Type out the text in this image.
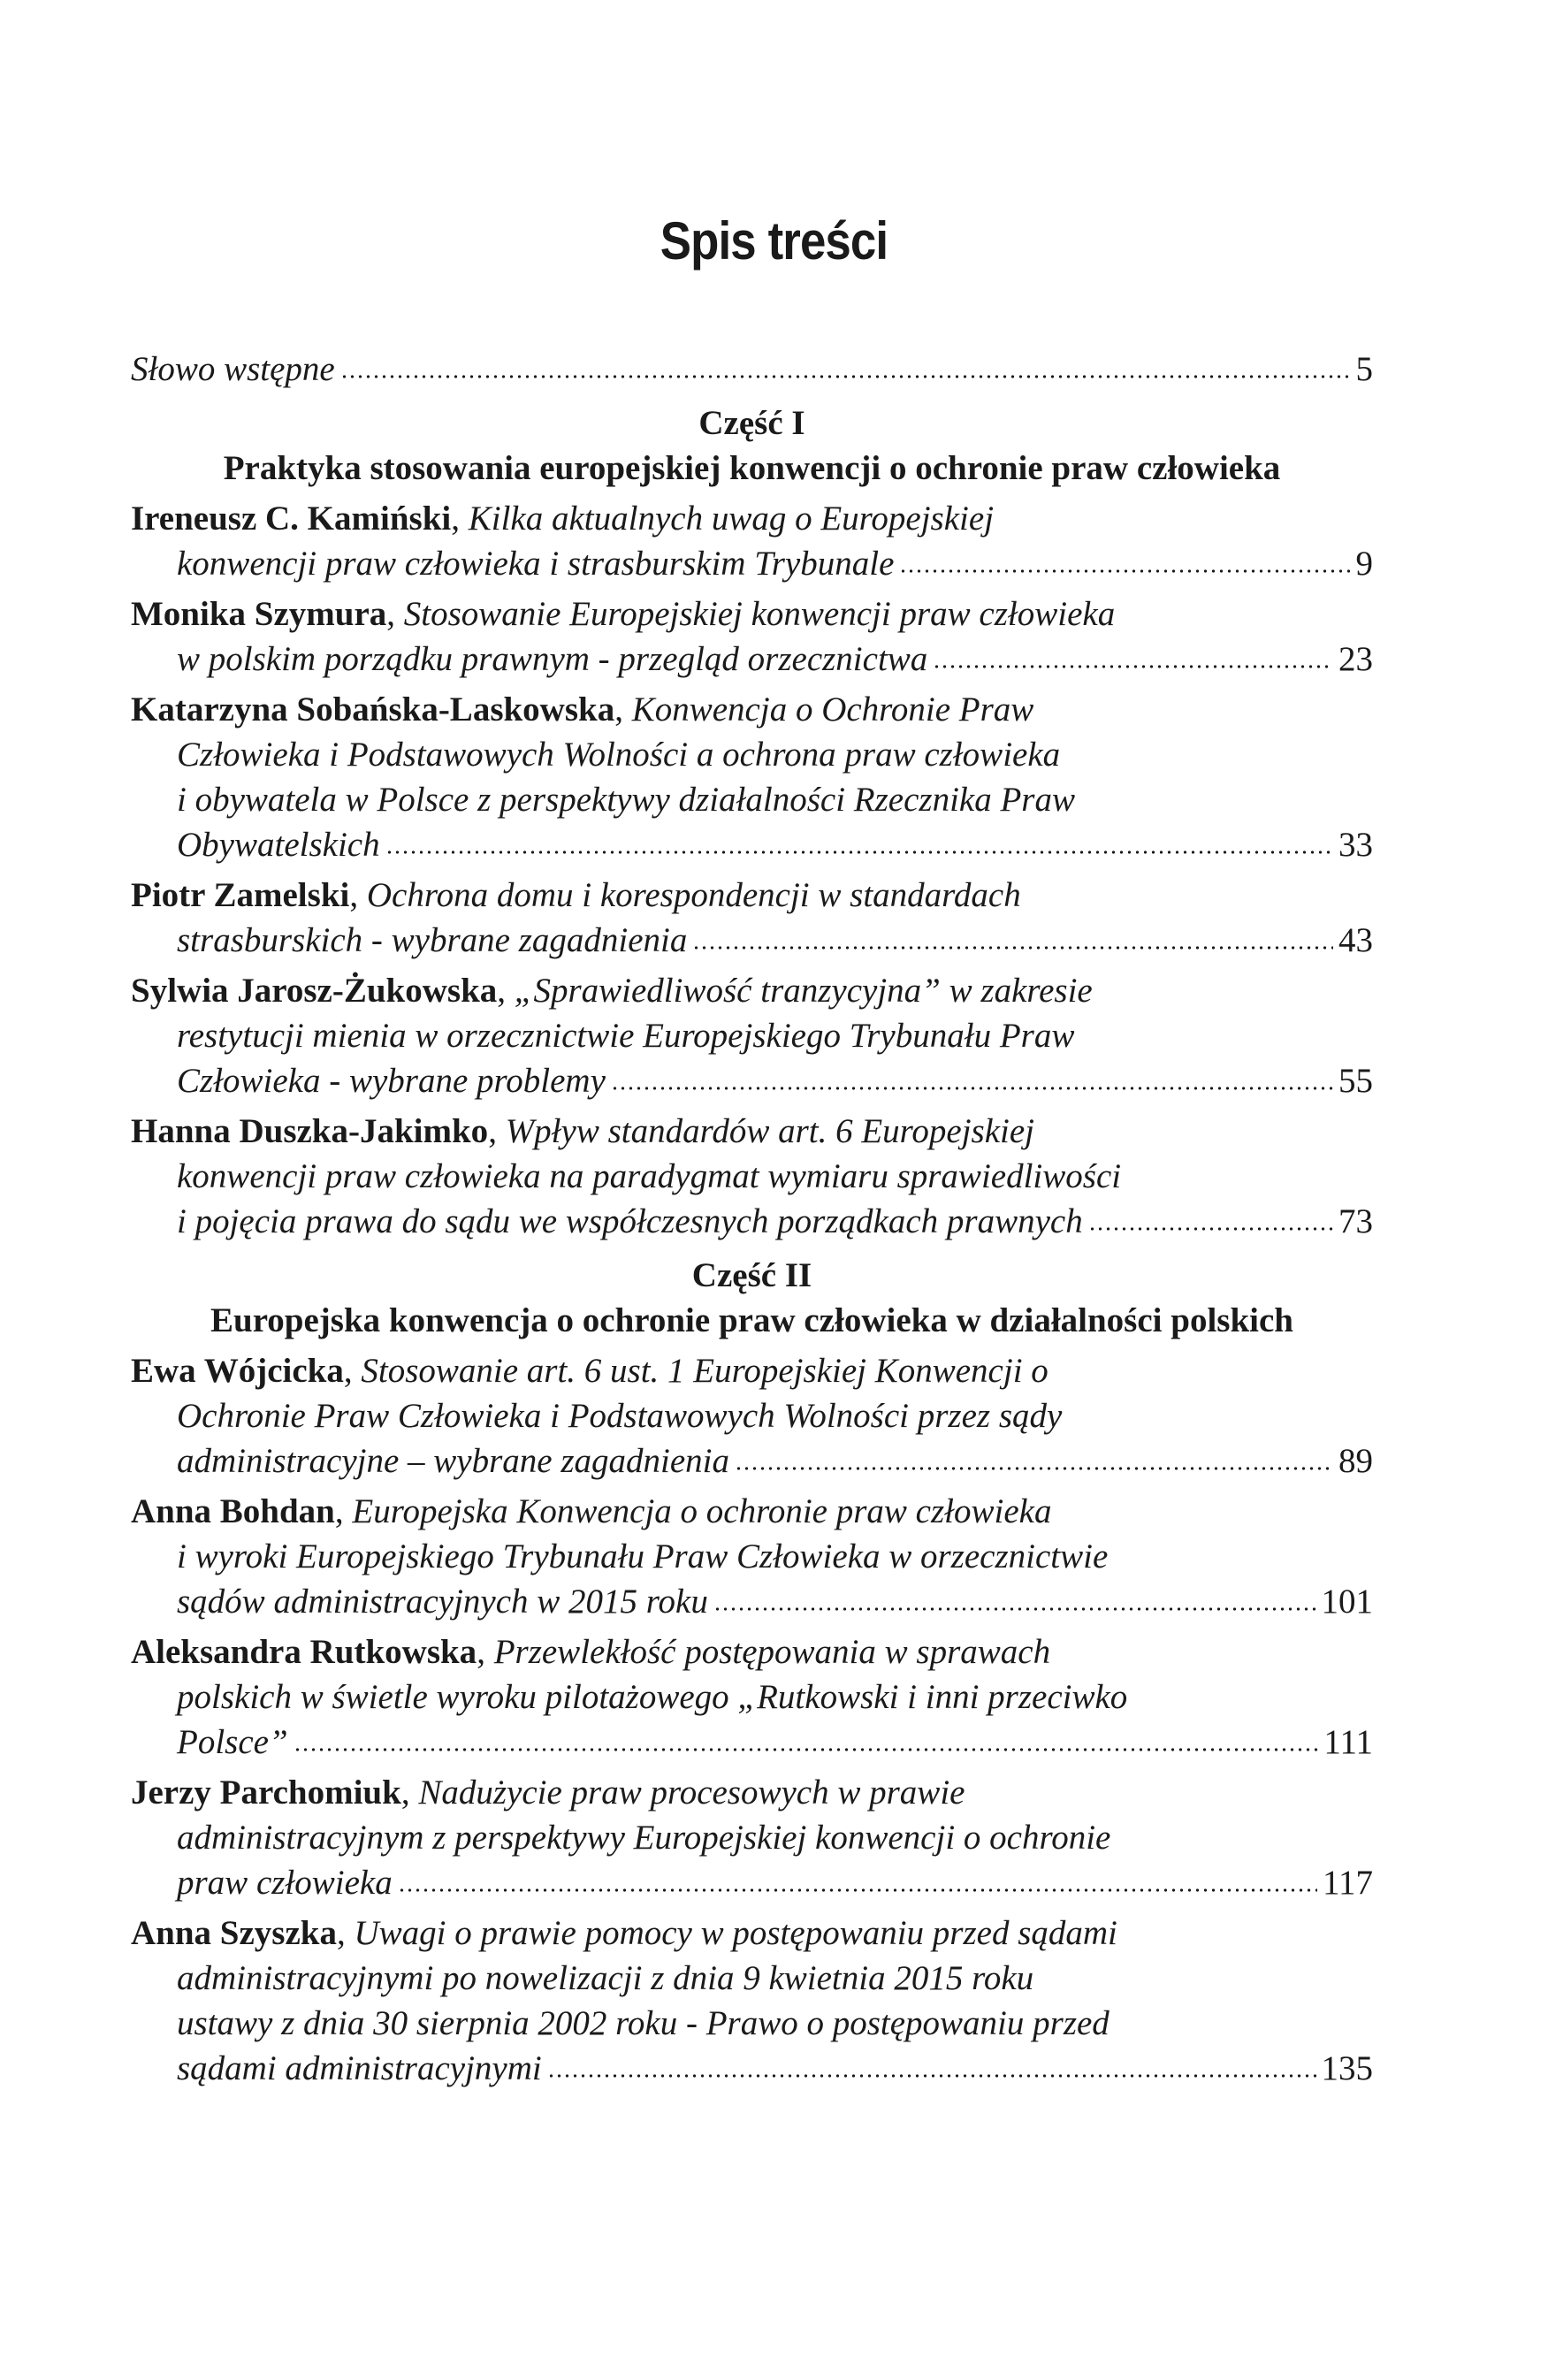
Spis treści
Słowo wstępne	5
Część I
Praktyka stosowania europejskiej konwencji o ochronie praw człowieka
Ireneusz C. Kamiński , Kilka aktualnych uwag o Europejskiej
konwencji praw człowieka i strasburskim Trybunale	9
Monika Szymura , Stosowanie Europejskiej konwencji praw człowieka
w polskim porządku prawnym - przegląd orzecznictwa	23
Katarzyna Sobańska-Laskowska , Konwencja o Ochronie Praw
Człowieka i Podstawowych Wolności a ochrona praw człowieka
i obywatela w Polsce z perspektywy działalności Rzecznika Praw
Obywatelskich	33
Piotr Zamelski , Ochrona domu i korespondencji w standardach
strasburskich - wybrane zagadnienia	43
Sylwia Jarosz-Żukowska , „Sprawiedliwość tranzycyjna” w zakresie
restytucji mienia w orzecznictwie Europejskiego Trybunału Praw
Człowieka - wybrane problemy	55
Hanna Duszka-Jakimko , Wpływ standardów art. 6 Europejskiej
konwencji praw człowieka na paradygmat wymiaru sprawiedliwości
i pojęcia prawa do sądu we współczesnych porządkach prawnych	73
Część II
Europejska konwencja o ochronie praw człowieka w działalności polskich
Ewa Wójcicka , Stosowanie art. 6 ust. 1 Europejskiej Konwencji o
Ochronie Praw Człowieka i Podstawowych Wolności przez sądy
administracyjne – wybrane zagadnienia	89
Anna Bohdan , Europejska Konwencja o ochronie praw człowieka
i wyroki Europejskiego Trybunału Praw Człowieka w orzecznictwie
sądów administracyjnych w 2015 roku	101
Aleksandra Rutkowska , Przewlekłość postępowania w sprawach
polskich w świetle wyroku pilotażowego „Rutkowski i inni przeciwko
Polsce”	111
Jerzy Parchomiuk , Nadużycie praw procesowych w prawie
administracyjnym z perspektywy Europejskiej konwencji o ochronie
praw człowieka	117
Anna Szyszka , Uwagi o prawie pomocy w postępowaniu przed sądami
administracyjnymi po nowelizacji z dnia 9 kwietnia 2015 roku
ustawy z dnia 30 sierpnia 2002 roku - Prawo o postępowaniu przed
sądami administracyjnymi	135
